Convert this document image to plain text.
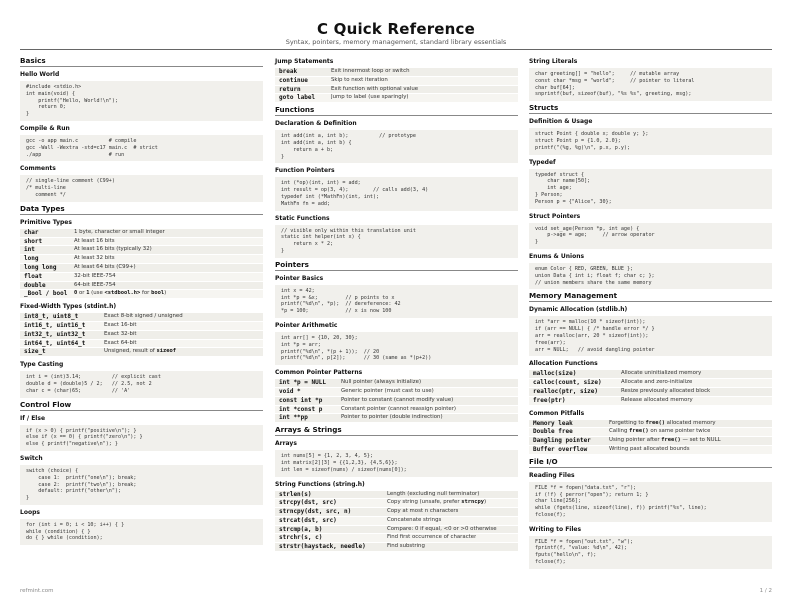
C Quick Reference
Syntax, pointers, memory management, standard library essentials
Basics
Hello World
#include <stdio.h>
int main(void) {
printf("Hello, World!\n");
return 0;
}
Compile & Run
gcc -o app main.c          # compile
gcc -Wall -Wextra -std=c17 main.c  # strict
./app                      # run
Comments
// single-line comment (C99+)
/* multi-line
comment */
Data Types
Primitive Types
char	1 byte, character or small integer
short	At least 16 bits
int	At least 16 bits (typically 32)
long	At least 32 bits
long long	At least 64 bits (C99+)
float	32-bit IEEE-754
double	64-bit IEEE-754
_Bool / bool	0 or 1 (use <stdbool.h> for bool)
Fixed-Width Types (stdint.h)
int8_t, uint8_t	Exact 8-bit signed / unsigned
int16_t, uint16_t	Exact 16-bit
int32_t, uint32_t	Exact 32-bit
int64_t, uint64_t	Exact 64-bit
size_t	Unsigned, result of sizeof
Type Casting
int i = (int)3.14;          // explicit cast
double d = (double)5 / 2;   // 2.5, not 2
char c = (char)65;          // 'A'
Control Flow
If / Else
if (x > 0) { printf("positive\n"); }
else if (x == 0) { printf("zero\n"); }
else { printf("negative\n"); }
Switch
switch (choice) {
case 1:  printf("one\n"); break;
case 2:  printf("two\n"); break;
default: printf("other\n");
}
Loops
for (int i = 0; i < 10; i++) { }
while (condition) { }
do { } while (condition);
Jump Statements
break	Exit innermost loop or switch
continue	Skip to next iteration
return	Exit function with optional value
goto label	Jump to label (use sparingly)
Functions
Declaration & Definition
int add(int a, int b);          // prototype
int add(int a, int b) {
return a + b;
}
Function Pointers
int (*op)(int, int) = add;
int result = op(3, 4);        // calls add(3, 4)
typedef int (*MathFn)(int, int);
MathFn fn = add;
Static Functions
// visible only within this translation unit
static int helper(int x) {
return x * 2;
}
Pointers
Pointer Basics
int x = 42;
int *p = &x;         // p points to x
printf("%d\n", *p);  // dereference: 42
*p = 100;            // x is now 100
Pointer Arithmetic
int arr[] = {10, 20, 30};
int *p = arr;
printf("%d\n", *(p + 1));  // 20
printf("%d\n", p[2]);      // 30 (same as *(p+2))
Common Pointer Patterns
int *p = NULL	Null pointer (always initialize)
void *	Generic pointer (must cast to use)
const int *p	Pointer to constant (cannot modify value)
int *const p	Constant pointer (cannot reassign pointer)
int **pp	Pointer to pointer (double indirection)
Arrays & Strings
Arrays
int nums[5] = {1, 2, 3, 4, 5};
int matrix[2][3] = {{1,2,3}, {4,5,6}};
int len = sizeof(nums) / sizeof(nums[0]);
String Functions (string.h)
strlen(s)	Length (excluding null terminator)
strcpy(dst, src)	Copy string (unsafe, prefer strncpy)
strncpy(dst, src, n)	Copy at most n characters
strcat(dst, src)	Concatenate strings
strcmp(a, b)	Compare: 0 if equal, <0 or >0 otherwise
strchr(s, c)	Find first occurrence of character
strstr(haystack, needle)	Find substring
String Literals
char greeting[] = "hello";     // mutable array
const char *msg = "world";     // pointer to literal
char buf[64];
snprintf(buf, sizeof(buf), "%s %s", greeting, msg);
Structs
Definition & Usage
struct Point { double x; double y; };
struct Point p = {1.0, 2.0};
printf("(%g, %g)\n", p.x, p.y);
Typedef
typedef struct {
char name[50];
int age;
} Person;
Person p = {"Alice", 30};
Struct Pointers
void set_age(Person *p, int age) {
p->age = age;     // arrow operator
}
Enums & Unions
enum Color { RED, GREEN, BLUE };
union Data { int i; float f; char c; };
// union members share the same memory
Memory Management
Dynamic Allocation (stdlib.h)
int *arr = malloc(10 * sizeof(int));
if (arr == NULL) { /* handle error */ }
arr = realloc(arr, 20 * sizeof(int));
free(arr);
arr = NULL;   // avoid dangling pointer
Allocation Functions
malloc(size)	Allocate uninitialized memory
calloc(count, size)	Allocate and zero-initialize
realloc(ptr, size)	Resize previously allocated block
free(ptr)	Release allocated memory
Common Pitfalls
Memory leak	Forgetting to free() allocated memory
Double free	Calling free() on same pointer twice
Dangling pointer	Using pointer after free() — set to NULL
Buffer overflow	Writing past allocated bounds
File I/O
Reading Files
FILE *f = fopen("data.txt", "r");
if (!f) { perror("open"); return 1; }
char line[256];
while (fgets(line, sizeof(line), f)) printf("%s", line);
fclose(f);
Writing to Files
FILE *f = fopen("out.txt", "w");
fprintf(f, "value: %d\n", 42);
fputs("hello\n", f);
fclose(f);
refmint.com	1 / 2
